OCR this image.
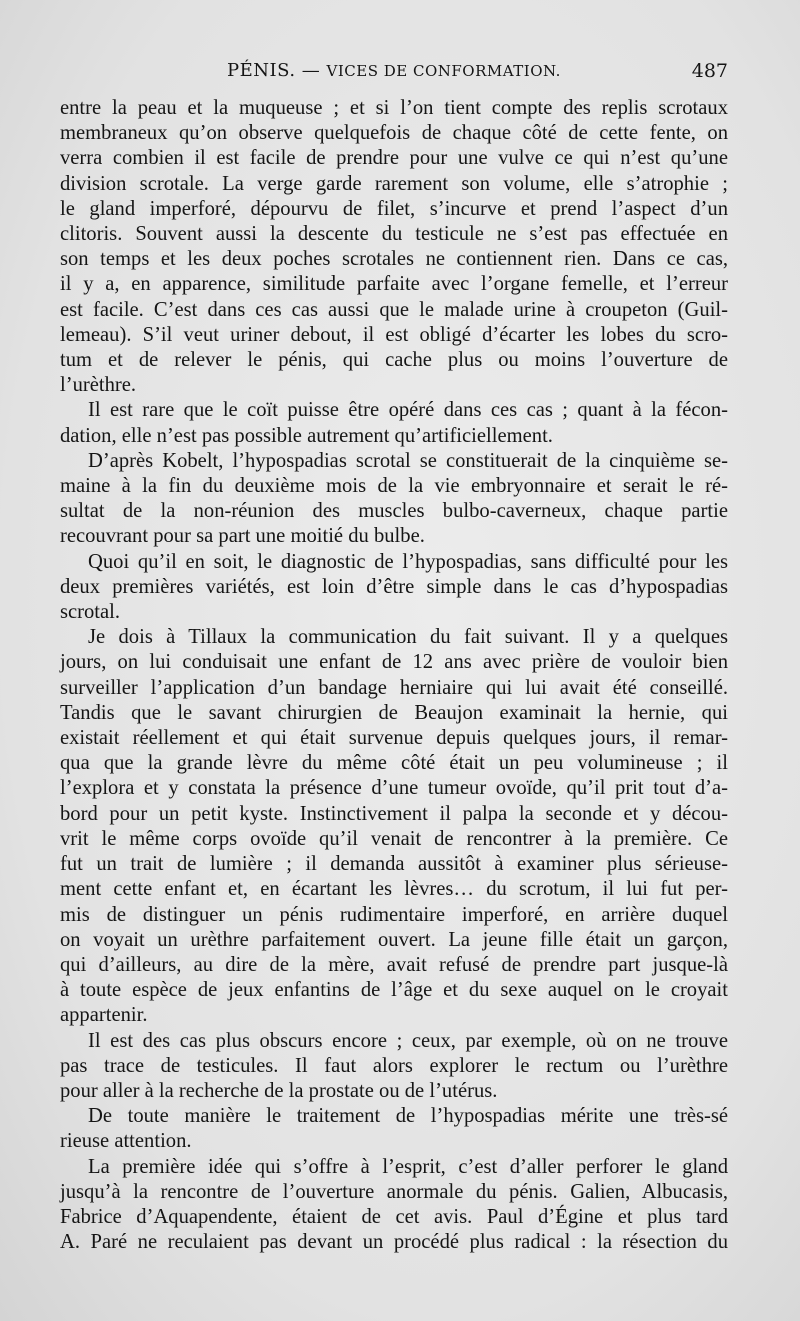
PÉNIS. — VICES DE CONFORMATION.	487

entre la peau et la muqueuse ; et si l’on tient compte des replis scrotaux

membraneux qu’on observe quelquefois de chaque côté de cette fente, on

verra combien il est facile de prendre pour une vulve ce qui n’est qu’une

division scrotale. La verge garde rarement son volume, elle s’atrophie ;

le gland imperforé, dépourvu de filet, s’incurve et prend l’aspect d’un

clitoris. Souvent aussi la descente du testicule ne s’est pas effectuée en

son temps et les deux poches scrotales ne contiennent rien. Dans ce cas,

il y a, en apparence, similitude parfaite avec l’organe femelle, et l’erreur

est facile. C’est dans ces cas aussi que le malade urine à croupeton (Guil-

lemeau). S’il veut uriner debout, il est obligé d’écarter les lobes du scro-

tum et de relever le pénis, qui cache plus ou moins l’ouverture de

l’urèthre.

Il est rare que le coït puisse être opéré dans ces cas ; quant à la fécon-

dation, elle n’est pas possible autrement qu’artificiellement.

D’après Kobelt, l’hypospadias scrotal se constituerait de la cinquième se-

maine à la fin du deuxième mois de la vie embryonnaire et serait le ré-

sultat de la non-réunion des muscles bulbo-caverneux, chaque partie

recouvrant pour sa part une moitié du bulbe.

Quoi qu’il en soit, le diagnostic de l’hypospadias, sans difficulté pour les

deux premières variétés, est loin d’être simple dans le cas d’hypospadias

scrotal.

Je dois à Tillaux la communication du fait suivant. Il y a quelques

jours, on lui conduisait une enfant de 12 ans avec prière de vouloir bien

surveiller l’application d’un bandage herniaire qui lui avait été conseillé.

Tandis que le savant chirurgien de Beaujon examinait la hernie, qui

existait réellement et qui était survenue depuis quelques jours, il remar-

qua que la grande lèvre du même côté était un peu volumineuse ; il

l’explora et y constata la présence d’une tumeur ovoïde, qu’il prit tout d’a-

bord pour un petit kyste. Instinctivement il palpa la seconde et y décou-

vrit le même corps ovoïde qu’il venait de rencontrer à la première. Ce

fut un trait de lumière ; il demanda aussitôt à examiner plus sérieuse-

ment cette enfant et, en écartant les lèvres… du scrotum, il lui fut per-

mis de distinguer un pénis rudimentaire imperforé, en arrière duquel

on voyait un urèthre parfaitement ouvert. La jeune fille était un garçon,

qui d’ailleurs, au dire de la mère, avait refusé de prendre part jusque-là

à toute espèce de jeux enfantins de l’âge et du sexe auquel on le croyait

appartenir.

Il est des cas plus obscurs encore ; ceux, par exemple, où on ne trouve

pas trace de testicules. Il faut alors explorer le rectum ou l’urèthre

pour aller à la recherche de la prostate ou de l’utérus.

De toute manière le traitement de l’hypospadias mérite une très-sé

rieuse attention.

La première idée qui s’offre à l’esprit, c’est d’aller perforer le gland

jusqu’à la rencontre de l’ouverture anormale du pénis. Galien, Albucasis,

Fabrice d’Aquapendente, étaient de cet avis. Paul d’Égine et plus tard

A. Paré ne reculaient pas devant un procédé plus radical : la résection du
